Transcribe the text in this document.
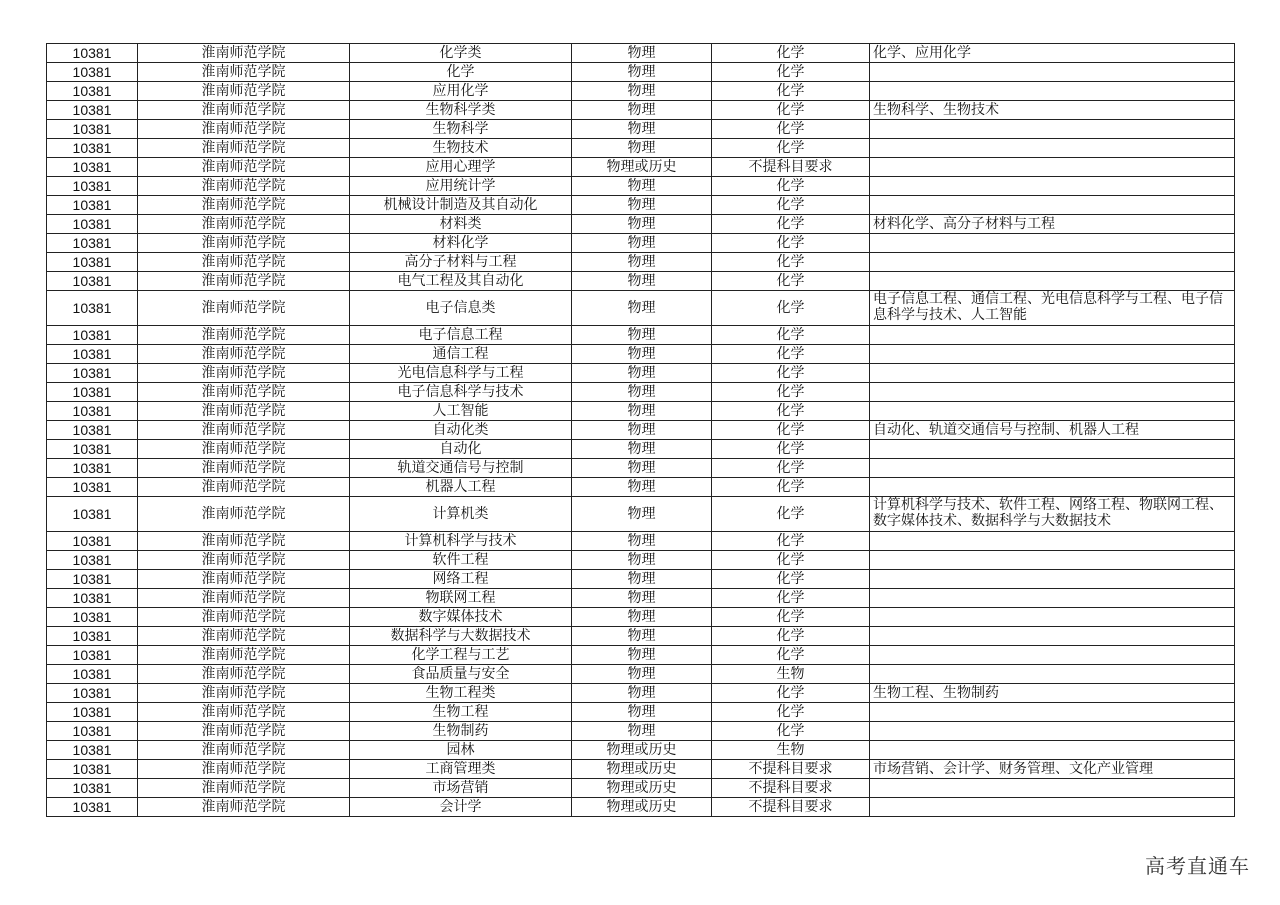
10381	淮南师范学院	化学类	物理	化学	化学、应用化学
10381	淮南师范学院	化学	物理	化学	
10381	淮南师范学院	应用化学	物理	化学	
10381	淮南师范学院	生物科学类	物理	化学	生物科学、生物技术
10381	淮南师范学院	生物科学	物理	化学	
10381	淮南师范学院	生物技术	物理	化学	
10381	淮南师范学院	应用心理学	物理或历史	不提科目要求	
10381	淮南师范学院	应用统计学	物理	化学	
10381	淮南师范学院	机械设计制造及其自动化	物理	化学	
10381	淮南师范学院	材料类	物理	化学	材料化学、高分子材料与工程
10381	淮南师范学院	材料化学	物理	化学	
10381	淮南师范学院	高分子材料与工程	物理	化学	
10381	淮南师范学院	电气工程及其自动化	物理	化学	
10381	淮南师范学院	电子信息类	物理	化学	电子信息工程、通信工程、光电信息科学与工程、电子信息科学与技术、人工智能
10381	淮南师范学院	电子信息工程	物理	化学	
10381	淮南师范学院	通信工程	物理	化学	
10381	淮南师范学院	光电信息科学与工程	物理	化学	
10381	淮南师范学院	电子信息科学与技术	物理	化学	
10381	淮南师范学院	人工智能	物理	化学	
10381	淮南师范学院	自动化类	物理	化学	自动化、轨道交通信号与控制、机器人工程
10381	淮南师范学院	自动化	物理	化学	
10381	淮南师范学院	轨道交通信号与控制	物理	化学	
10381	淮南师范学院	机器人工程	物理	化学	
10381	淮南师范学院	计算机类	物理	化学	计算机科学与技术、软件工程、网络工程、物联网工程、数字媒体技术、数据科学与大数据技术
10381	淮南师范学院	计算机科学与技术	物理	化学	
10381	淮南师范学院	软件工程	物理	化学	
10381	淮南师范学院	网络工程	物理	化学	
10381	淮南师范学院	物联网工程	物理	化学	
10381	淮南师范学院	数字媒体技术	物理	化学	
10381	淮南师范学院	数据科学与大数据技术	物理	化学	
10381	淮南师范学院	化学工程与工艺	物理	化学	
10381	淮南师范学院	食品质量与安全	物理	生物	
10381	淮南师范学院	生物工程类	物理	化学	生物工程、生物制药
10381	淮南师范学院	生物工程	物理	化学	
10381	淮南师范学院	生物制药	物理	化学	
10381	淮南师范学院	园林	物理或历史	生物	
10381	淮南师范学院	工商管理类	物理或历史	不提科目要求	市场营销、会计学、财务管理、文化产业管理
10381	淮南师范学院	市场营销	物理或历史	不提科目要求	
10381	淮南师范学院	会计学	物理或历史	不提科目要求	
高考直通车
